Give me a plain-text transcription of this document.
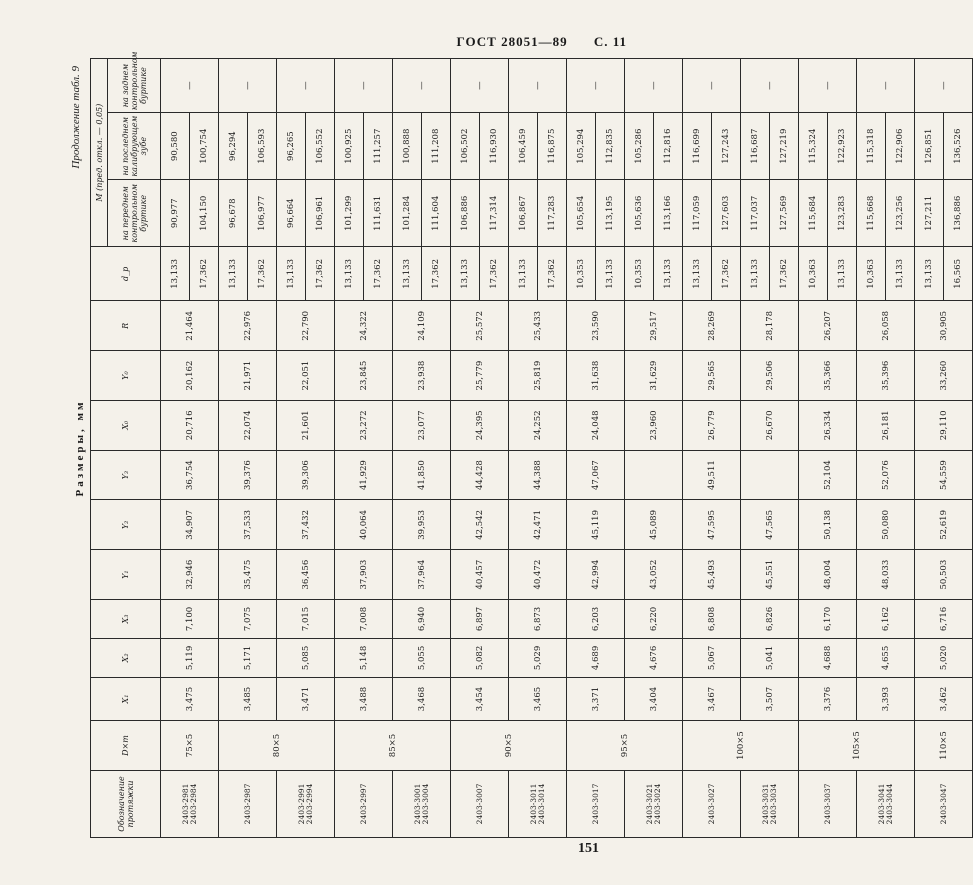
ГОСТ 28051—89 С. 11
Размеры, мм
Продолжение табл. 9
Обозначение протяжки	D×m	X₁	X₂	X₃	Y₁	Y₂	Y₃	X₀	Y₀	R	d_p	M (пред. откл. — 0,05)		
												на переднем контрольном буртике	на последнем калибрующем зубе	на заднем контрольном буртике
2403-2981 2403-2984	75×5	3,475	5,119	7,100	32,946	34,907	36,754	20,716	20,162	21,464	13,133	90,977	90,580	—
											17,362	104,150	100,754	
2403-2987	80×5	3,485	5,171	7,075	35,475	37,533	39,376	22,074	21,971	22,976	13,133	96,678	96,294	—
											17,362	106,977	106,593	
2403-2991 2403-2994		3,471	5,085	7,015	36,456	37,432	39,306	21,601	22,051	22,790	13,133	96,664	96,265	—
											17,362	106,961	106,552	
2403-2997	85×5	3,488	5,148	7,008	37,903	40,064	41,929	23,272	23,845	24,322	13,133	101,299	100,925	—
											17,362	111,631	111,257	
2403-3001 2403-3004		3,468	5,055	6,940	37,964	39,953	41,850	23,077	23,938	24,109	13,133	101,284	100,888	—
											17,362	111,604	111,208	
2403-3007	90×5	3,454	5,082	6,897	40,457	42,542	44,428	24,395	25,779	25,572	13,133	106,886	106,502	—
											17,362	117,314	116,930	
2403-3011 2403-3014		3,465	5,029	6,873	40,472	42,471	44,388	24,252	25,819	25,433	13,133	106,867	106,459	—
											17,362	117,283	116,875	
2403-3017	95×5	3,371	4,689	6,203	42,994	45,119	47,067	24,048	31,638	23,590	10,353	105,654	105,294	—
											13,133	113,195	112,835	
2403-3021 2403-3024		3,404	4,676	6,220	43,052	45,089		23,960	31,629	29,517	10,353	105,636	105,286	—
											13,133	113,166	112,816	
2403-3027	100×5	3,467	5,067	6,808	45,493	47,595	49,511	26,779	29,565	28,269	13,133	117,059	116,699	—
											17,362	127,603	127,243	
2403-3031 2403-3034		3,507	5,041	6,826	45,551	47,565		26,670	29,506	28,178	13,133	117,037	116,687	—
											17,362	127,569	127,219	
2403-3037	105×5	3,376	4,688	6,170	48,004	50,138	52,104	26,334	35,366	26,207	10,363	115,684	115,324	—
											13,133	123,283	122,923	
2403-3041 2403-3044		3,393	4,655	6,162	48,033	50,080	52,076	26,181	35,396	26,058	10,363	115,668	115,318	—
											13,133	123,256	122,906	
2403-3047	110×5	3,462	5,020	6,716	50,503	52,619	54,559	29,110	33,260	30,905	13,133	127,211	126,851	—
											16,565	136,886	136,526	
151
